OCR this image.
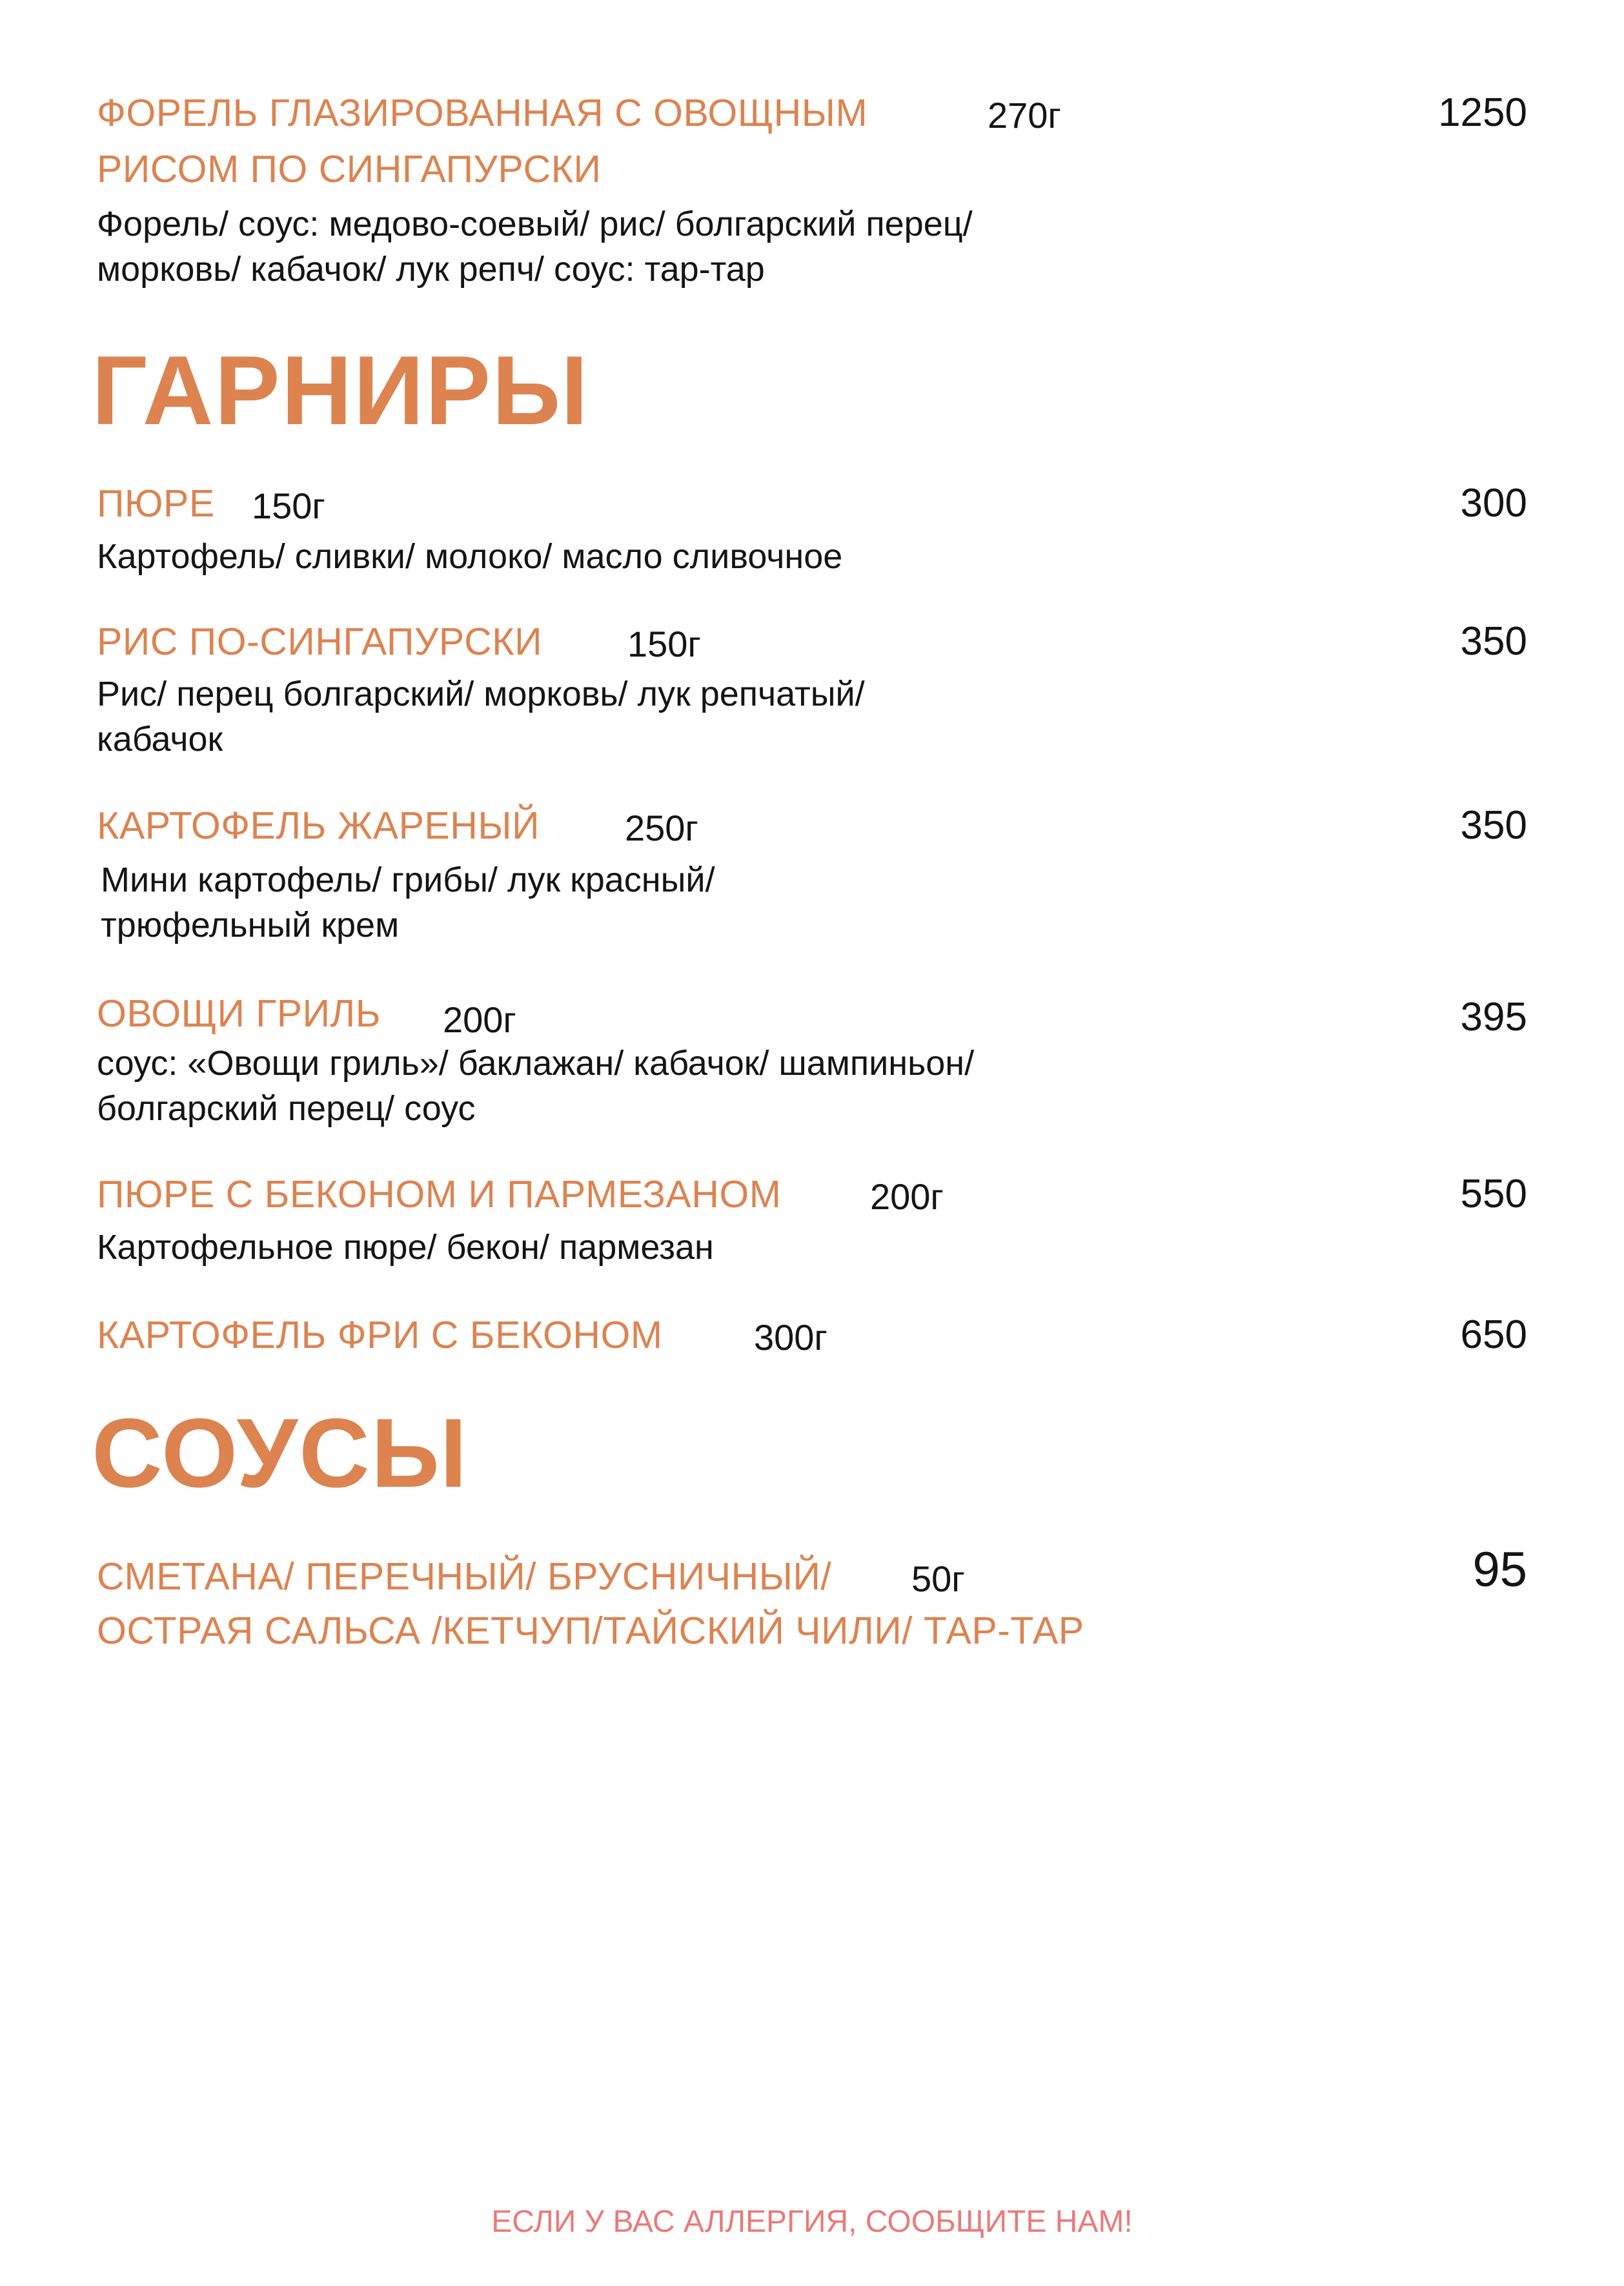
ФОРЕЛЬ ГЛАЗИРОВАННАЯ С ОВОЩНЫМ	270г	1250
РИСОМ ПО СИНГАПУРСКИ
Форель/ соус: медово-соевый/ рис/ болгарский перец/
морковь/ кабачок/ лук репч/ соус: тар-тар
ГАРНИРЫ
ПЮРЕ 150г	300
Картофель/ сливки/ молоко/ масло сливочное
РИС ПО-СИНГАПУРСКИ 150г	350
Рис/ перец болгарский/ морковь/ лук репчатый/
кабачок
КАРТОФЕЛЬ ЖАРЕНЫЙ 250г	350
Мини картофель/ грибы/ лук красный/
трюфельный крем
ОВОЩИ ГРИЛЬ 200г	395
соус: «Овощи гриль»/ баклажан/ кабачок/ шампиньон/
болгарский перец/ соус
ПЮРЕ С БЕКОНОМ И ПАРМЕЗАНОМ 200г	550
Картофельное пюре/ бекон/ пармезан
КАРТОФЕЛЬ ФРИ С БЕКОНОМ	300г	650
СОУСЫ
СМЕТАНА/ ПЕРЕЧНЫЙ/ БРУСНИЧНЫЙ/ 50г	95
ОСТРАЯ САЛЬСА /КЕТЧУП/ТАЙСКИЙ ЧИЛИ/ ТАР-ТАР
ЕСЛИ У ВАС АЛЛЕРГИЯ, СООБЩИТЕ НАМ!
